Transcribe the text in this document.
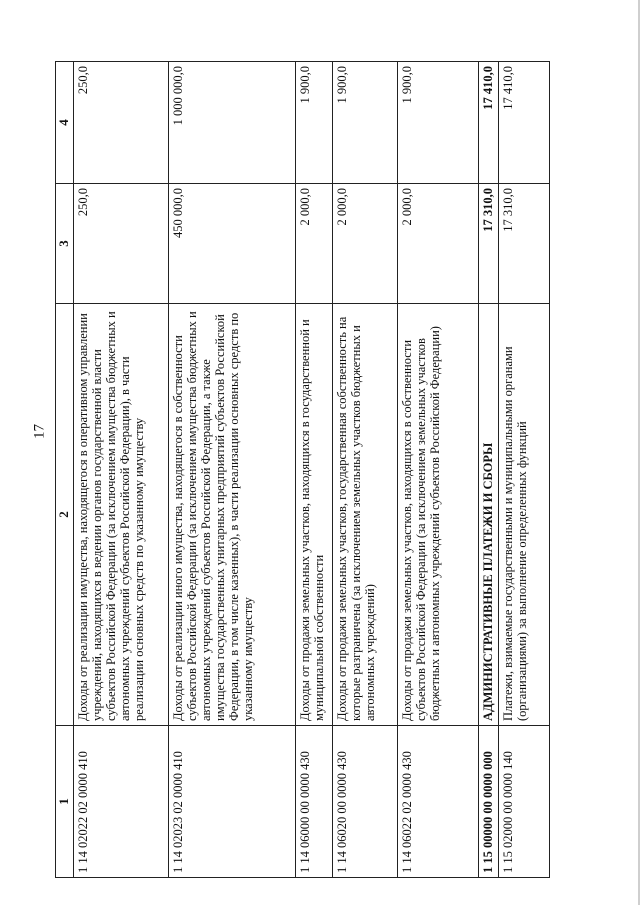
17
1	2	3	4
1 14 02022 02 0000 410	Доходы от реализации имущества, находящегося в оперативном управлении учреждений, находящихся в ведении органов государственной власти субъектов Российской Федерации (за исключением имущества бюджетных и автономных учреждений субъектов Российской Федерации), в части реализации основных средств по указанному имуществу	250,0	250,0
1 14 02023 02 0000 410	Доходы от реализации иного имущества, находящегося в собственности субъектов Российской Федерации (за исключением имущества бюджетных и автономных учреждений субъектов Российской Федерации, а также имущества государственных унитарных предприятий субъектов Российской Федерации, в том числе казенных), в части реализации основных средств по указанному имуществу	450 000,0	1 000 000,0
1 14 06000 00 0000 430	Доходы от продажи земельных участков, находящихся в государственной и муниципальной собственности	2 000,0	1 900,0
1 14 06020 00 0000 430	Доходы от продажи земельных участков, государственная собственность на которые разграничена (за исключением земельных участков бюджетных и автономных учреждений)	2 000,0	1 900,0
1 14 06022 02 0000 430	Доходы от продажи земельных участков, находящихся в собственности субъектов Российской Федерации (за исключением земельных участков бюджетных и автономных учреждений субъектов Российской Федерации)	2 000,0	1 900,0
1 15 00000 00 0000 000	АДМИНИСТРАТИВНЫЕ ПЛАТЕЖИ И СБОРЫ	17 310,0	17 410,0
1 15 02000 00 0000 140	Платежи, взимаемые государственными и муниципальными органами (организациями) за выполнение определенных функций	17 310,0	17 410,0
